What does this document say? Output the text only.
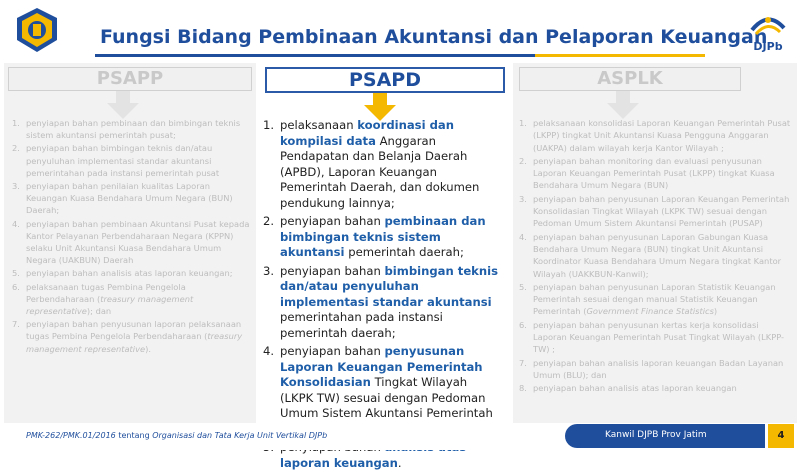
Fungsi Bidang Pembinaan Akuntansi dan Pelaporan Keuangan
DJPb
PSAPP
penyiapan bahan pembinaan dan bimbingan teknis sistem akuntansi pemerintah pusat;
penyiapan bahan bimbingan teknis dan/atau penyuluhan implementasi standar akuntansi pemerintahan pada instansi pemerintah pusat
penyiapan bahan penilaian kualitas Laporan Keuangan Kuasa Bendahara Umum Negara (BUN) Daerah;
penyiapan bahan pembinaan Akuntansi Pusat kepada Kantor Pelayanan Perbendaharaan Negara (KPPN) selaku Unit Akuntansi Kuasa Bendahara Umum Negara (UAKBUN) Daerah
penyiapan bahan analisis atas laporan keuangan;
pelaksanaan tugas Pembina Pengelola Perbendaharaan (treasury management representative); dan
penyiapan bahan penyusunan laporan pelaksanaan tugas Pembina Pengelola Perbendaharaan (treasury management representative).
PSAPD
pelaksanaan koordinasi dan kompilasi data Anggaran Pendapatan dan Belanja Daerah (APBD), Laporan Keuangan Pemerintah Daerah, dan dokumen pendukung lainnya;
penyiapan bahan pembinaan dan bimbingan teknis sistem akuntansi pemerintah daerah;
penyiapan bahan bimbingan teknis dan/atau penyuluhan implementasi standar akuntansi pemerintahan pada instansi pemerintah daerah;
penyiapan bahan penyusunan Laporan Keuangan Pemerintah Konsolidasian Tingkat Wilayah (LKPK TW) sesuai dengan Pedoman Umum Sistem Akuntansi Pemerintah
laporan keuangan.
ASPLK
pelaksanaan konsolidasi Laporan Keuangan Pemerintah Pusat (LKPP) tingkat Unit Akuntansi Kuasa Pengguna Anggaran (UAKPA) dalam wilayah kerja Kantor Wilayah ;
penyiapan bahan monitoring dan evaluasi penyusunan Laporan Keuangan Pemerintah Pusat (LKPP) tingkat Kuasa Bendahara Umum Negara (BUN)
penyiapan bahan penyusunan Laporan Keuangan Pemerintah Konsolidasian Tingkat Wilayah (LKPK TW) sesuai dengan Pedoman Umum Sistem Akuntansi Pemerintah (PUSAP)
penyiapan bahan penyusunan Laporan Gabungan Kuasa Bendahara Umum Negara (BUN) tingkat Unit Akuntansi Koordinator Kuasa Bendahara Umum Negara tingkat Kantor Wilayah (UAKKBUN-Kanwil);
penyiapan bahan penyusunan Laporan Statistik Keuangan Pemerintah sesuai dengan manual Statistik Keuangan Pemerintah (Government Finance Statistics)
penyiapan bahan penyusunan kertas kerja konsolidasi Laporan Keuangan Pemerintah Pusat Tingkat Wilayah (LKPP-TW) ;
penyiapan bahan analisis laporan keuangan Badan Layanan Umum (BLU); dan
penyiapan bahan analisis atas laporan keuangan
PMK-262/PMK.01/2016 tentang Organisasi dan Tata Kerja Unit Vertikal DJPb	Kanwil DJPB Prov Jatim	4
